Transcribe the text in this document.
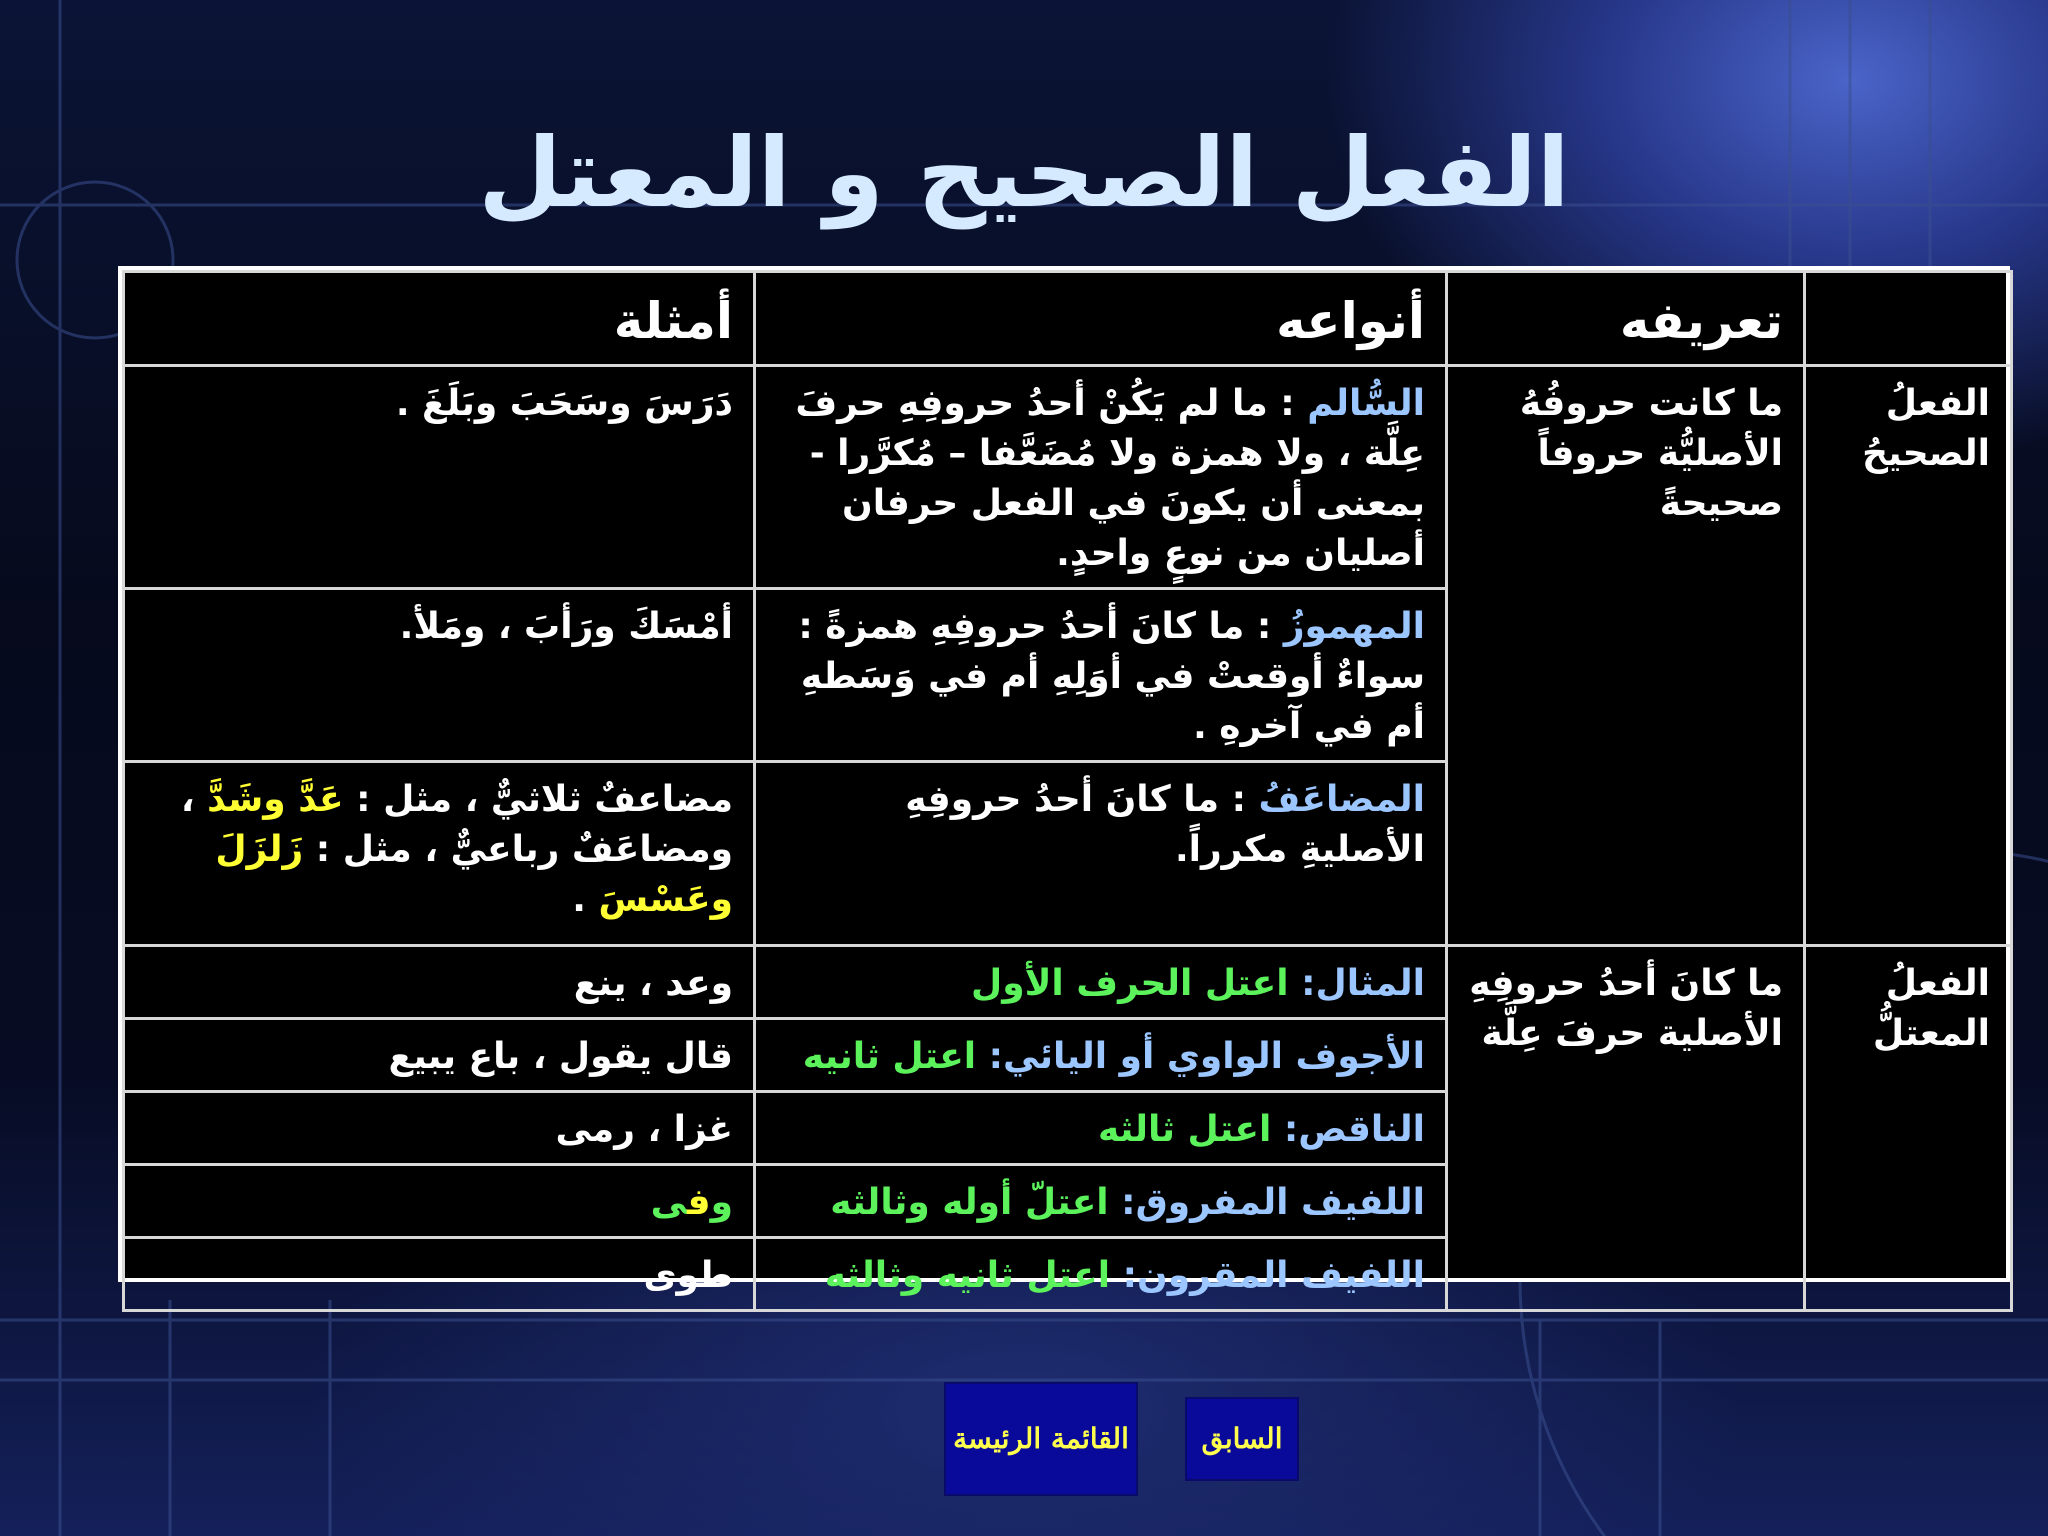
الفعل الصحيح و المعتل
	تعريفه	أنواعه	أمثلة
الفعلُ الصحيحُ	ما كانت حروفُهُ الأصليُّة حروفاً صحيحةً	السُّالم : ما لم يَكُنْ أحدُ حروفِهِ حرفَ عِلَّة ، ولا همزة ولا مُضَعَّفا – مُكرَّرا - بمعنى أن يكونَ في الفعل حرفان أصليان من نوعٍ واحدٍ.	دَرَسَ وسَحَبَ وبَلَغَ .
		المهموزُ : ما كانَ أحدُ حروفِهِ همزةً : سواءٌ أوقعتْ في أوَلِهِ أم في وَسَطهِ أم في آخرهِ .	أمْسَكَ ورَأبَ ، ومَلأ.
		المضاعَفُ : ما كانَ أحدُ حروفِهِ الأصليةِ مكرراً.	مضاعفٌ ثلاثيٌّ ، مثل : عَدَّ وشَدَّ ، ومضاعَفٌ رباعيٌّ ، مثل : زَلزَلَ وعَسْسَ .
الفعلُ المعتلُّ	ما كانَ أحدُ حروفِهِ الأصلية حرفَ عِلَّة	المثال: اعتل الحرف الأول	وعد ، ينع
		الأجوف الواوي أو اليائي: اعتل ثانيه	قال يقول ، باع يبيع
		الناقص: اعتل ثالثه	غزا ، رمى
		اللفيف المفروق: اعتلّ أوله وثالثه	وفى
		اللفيف المقرون: اعتل ثانيه وثالثه	طوى
القائمة الرئيسة	السابق
